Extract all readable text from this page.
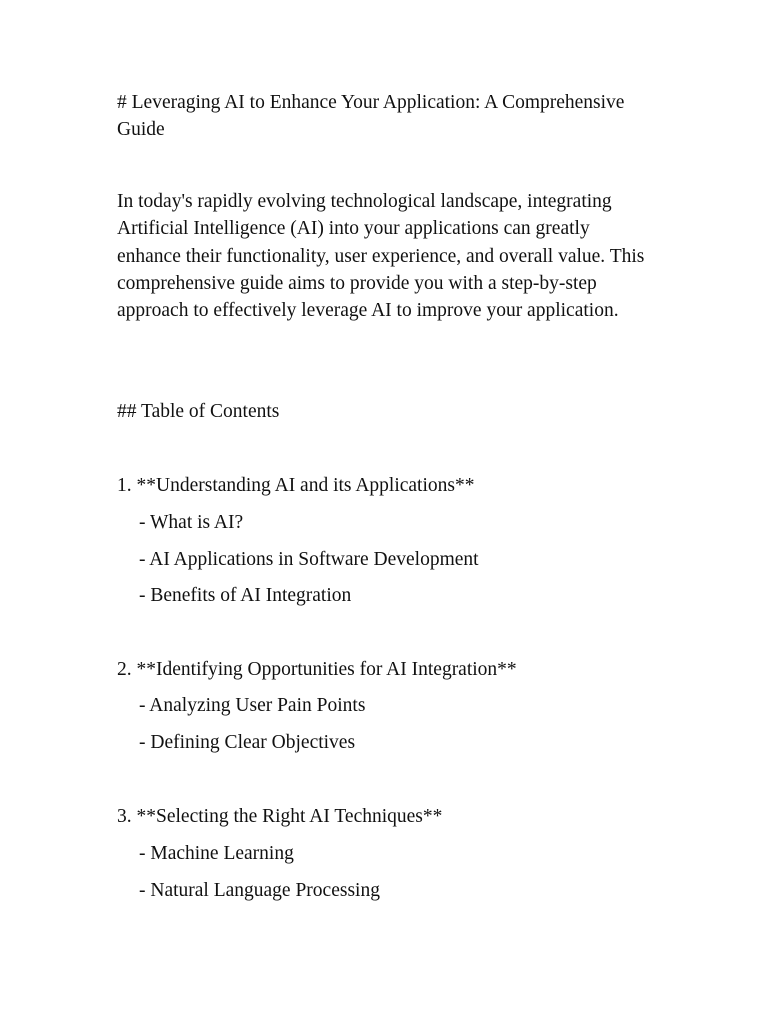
# Leveraging AI to Enhance Your Application: A Comprehensive Guide

In today's rapidly evolving technological landscape, integrating Artificial Intelligence (AI) into your applications can greatly enhance their functionality, user experience, and overall value. This comprehensive guide aims to provide you with a step-by-step approach to effectively leverage AI to improve your application.

## Table of Contents

1. **Understanding AI and its Applications**

- What is AI?

- AI Applications in Software Development

- Benefits of AI Integration

2. **Identifying Opportunities for AI Integration**

- Analyzing User Pain Points

- Defining Clear Objectives

3. **Selecting the Right AI Techniques**

- Machine Learning

- Natural Language Processing
